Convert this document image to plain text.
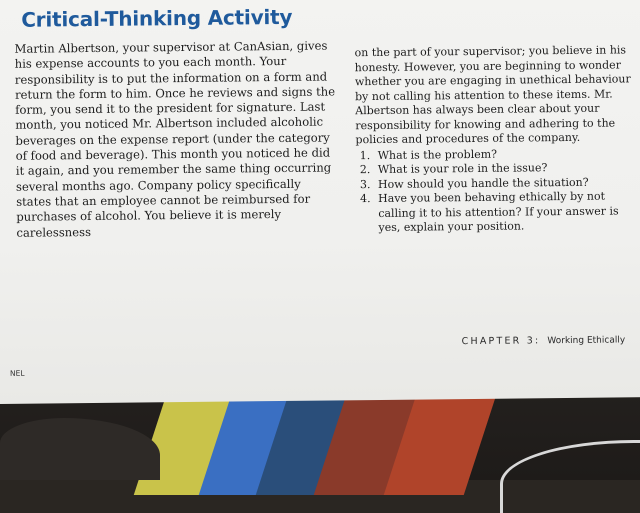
Critical-Thinking Activity
Martin Albertson, your supervisor at CanAsian, gives his expense accounts to you each month. Your responsibility is to put the information on a form and return the form to him. Once he reviews and signs the form, you send it to the president for signature. Last month, you noticed Mr. Albertson included alcoholic beverages on the expense report (under the category of food and beverage). This month you noticed he did it again, and you remember the same thing occurring several months ago. Company policy specifically states that an employee cannot be reimbursed for purchases of alcohol. You believe it is merely carelessness
on the part of your supervisor; you believe in his honesty. However, you are beginning to wonder whether you are engaging in unethical behaviour by not calling his attention to these items. Mr. Albertson has always been clear about your responsibility for knowing and adhering to the policies and procedures of the company.
1. What is the problem?
2. What is your role in the issue?
3. How should you handle the situation?
4. Have you been behaving ethically by not calling it to his attention? If your answer is yes, explain your position.
CHAPTER 3: Working Ethically
NEL
